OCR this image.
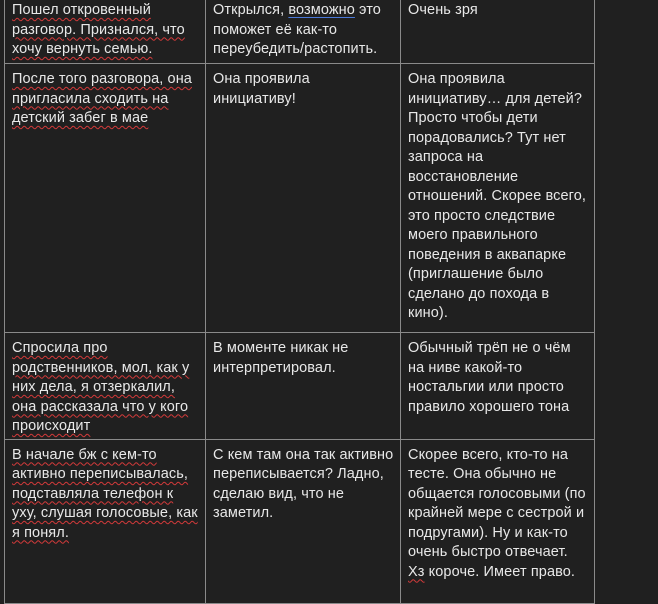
Пошел откровенный разговор. Признался, что хочу вернуть семью.	Открылся, возможно это поможет её как-то переубедить/растопить.	Очень зря
После того разговора, она пригласила сходить на детский забег в мае	Она проявила инициативу!	Она проявила инициативу… для детей? Просто чтобы дети порадовались? Тут нет запроса на восстановление отношений. Скорее всего, это просто следствие моего правильного поведения в аквапарке (приглашение было сделано до похода в кино).
Спросила про родственников, мол, как у них дела, я отзеркалил, она рассказала что у кого происходит	В моменте никак не интерпретировал.	Обычный трёп не о чём на ниве какой-то ностальгии или просто правило хорошего тона
В начале бж с кем-то активно переписывалась, подставляла телефон к уху, слушая голосовые, как я понял.	С кем там она так активно переписывается? Ладно, сделаю вид, что не заметил.	Скорее всего, кто-то на тесте. Она обычно не общается голосовыми (по крайней мере с сестрой и подругами). Ну и как-то очень быстро отвечает. Хз короче. Имеет право.
